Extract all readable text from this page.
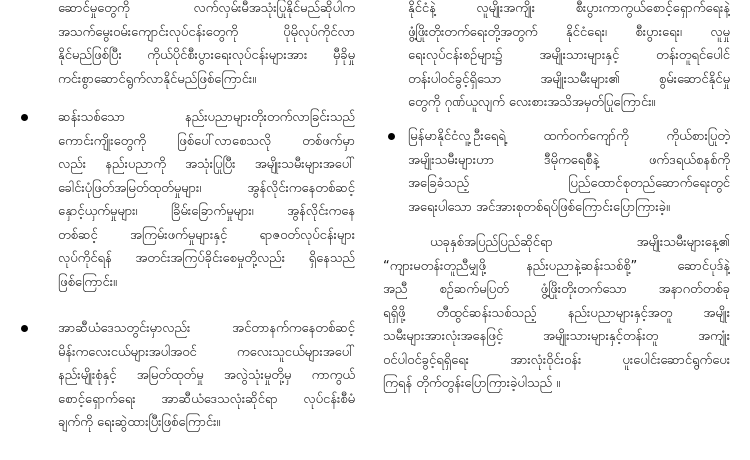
ဆောင်မှုတွေကို လက်လှမ်းမီအသုံးပြုနိုင်မည်ဆိုပါက
အသက်မွေးဝမ်းကျောင်းလုပ်ငန်းတွေကို ပိုမိုလုပ်ကိုင်လာ
နိုင်မည်ဖြစ်ပြီး ကိုယ်ပိုင်စီးပွားရေးလုပ်ငန်းများအား မှီခိုမှု
ကင်းစွာဆောင်ရွက်လာနိုင်မည်ဖြစ်ကြောင်း။
ဆန်းသစ်သော နည်းပညာများတိုးတက်လာခြင်းသည်
ကောင်းကျိုးတွေကို ဖြစ်ပေါ်လာစေသလို တစ်ဖက်မှာ
လည်း နည်းပညာကို အသုံးပြုပြီး အမျိုးသမီးများအပေါ်
ခေါင်းပုံဖြတ်အမြတ်ထုတ်မှုများ၊ အွန်လိုင်းကနေတစ်ဆင့်
နှောင့်ယှက်မှုများ၊ ခြိမ်းခြောက်မှုများ၊ အွန်လိုင်းကနေ
တစ်ဆင့် အကြမ်းဖက်မှုများနှင့် ရာဇဝတ်လုပ်ငန်းများ
လုပ်ကိုင်ရန် အတင်းအကြပ်ခိုင်းစေမှုတို့လည်း ရှိနေသည်
ဖြစ်ကြောင်း။
အာဆီယံဒေသတွင်းမှာလည်း အင်တာနက်ကနေတစ်ဆင့်
မိန်းကလေးငယ်များအပါအဝင် ကလေးသူငယ်များအပေါ်
နည်းမျိုးစုံနှင့် အမြတ်ထုတ်မှု အလွဲသုံးမှုတို့မှ ကာကွယ်
စောင့်ရှောက်ရေး အာဆီယံဒေသလုံးဆိုင်ရာ လုပ်ငန်းစီမံ
ချက်ကို ရေးဆွဲထားပြီးဖြစ်ကြောင်း။
နိုင်ငံနဲ့ လူမျိုးအကျိုး စီးပွားကာကွယ်စောင့်ရှောက်ရေးနဲ့
ဖွံ့ဖြိုးတိုးတက်ရေးတို့အတွက် နိုင်ငံရေး၊ စီးပွားရေး၊ လူမှု
ရေးလုပ်ငန်းစဉ်များ၌ အမျိုးသားများနှင့် တန်းတူရင်ပေါင်
တန်းပါဝင်ခွင့်ရှိသော အမျိုးသမီးများ၏ စွမ်းဆောင်နိုင်မှု
တွေကို ဂုဏ်ယူလျက် လေးစားအသိအမှတ်ပြုကြောင်း။
မြန်မာနိုင်ငံလူ့ဦးရေရဲ့ ထက်ဝက်ကျော်ကို ကိုယ်စားပြုတဲ့
အမျိုးသမီးများဟာ ဒီမိုကရေစီနဲ့ ဖက်ဒရယ်စနစ်ကို
အခြေခံသည့် ပြည်ထောင်စုတည်ဆောက်ရေးတွင်
အရေးပါသော အင်အားစုတစ်ရပ်ဖြစ်ကြောင်းပြောကြားခဲ့။
ယခုနှစ်အပြည်ပြည်ဆိုင်ရာ အမျိုးသမီးများနေ့၏
“ကျားမတန်းတူညီမျှဖို့ နည်းပညာနဲ့ဆန်းသစ်စို့” ဆောင်ပုဒ်နဲ့
အညီ စဉ်ဆက်မပြတ် ဖွံ့ဖြိုးတိုးတက်သော အနာဂတ်တစ်ခု
ရရှိဖို့ တီထွင်ဆန်းသစ်သည့် နည်းပညာများနှင့်အတူ အမျိုး
သမီးများအားလုံးအနေဖြင့် အမျိုးသားများနှင့်တန်းတူ အကျုံး
ဝင်ပါဝင်ခွင့်ရရှိရေး အားလုံးဝိုင်းဝန်း ပူးပေါင်းဆောင်ရွက်ပေး
ကြရန် တိုက်တွန်းပြောကြားခဲ့ပါသည် ။
